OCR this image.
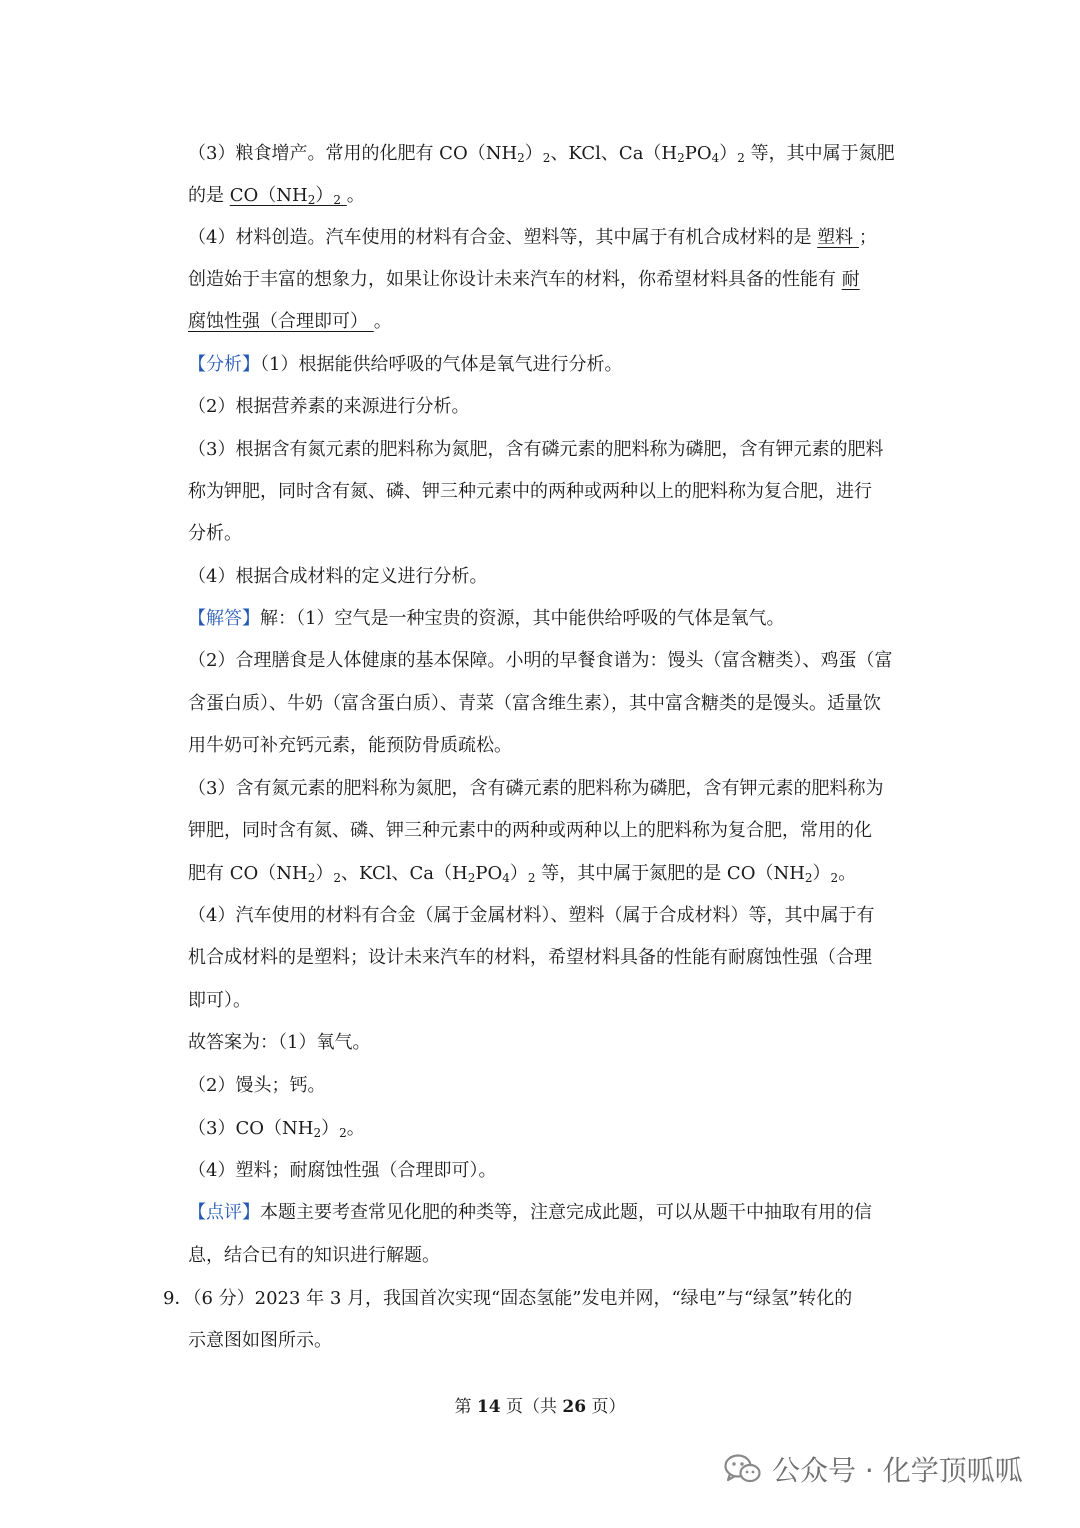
（3）粮食增产。常用的化肥有 $CO(NH_2)_2$、KCl、$Ca(H_2PO_4)_2$ 等，其中属于氮肥
的是 $CO(NH_2)_2$ 。
（4）材料创造。汽车使用的材料有合金、塑料等，其中属于有机合成材料的是 塑料 ；
创造始于丰富的想象力，如果让你设计未来汽车的材料，你希望材料具备的性能有 耐
腐蚀性强（合理即可） 。
【分析】（1）根据能供给呼吸的气体是氧气进行分析。
（2）根据营养素的来源进行分析。
（3）根据含有氮元素的肥料称为氮肥，含有磷元素的肥料称为磷肥，含有钾元素的肥料
称为钾肥，同时含有氮、磷、钾三种元素中的两种或两种以上的肥料称为复合肥，进行
分析。
（4）根据合成材料的定义进行分析。
【解答】解：（1）空气是一种宝贵的资源，其中能供给呼吸的气体是氧气。
（2）合理膳食是人体健康的基本保障。小明的早餐食谱为：馒头（富含糖类）、鸡蛋（富
含蛋白质）、牛奶（富含蛋白质）、青菜（富含维生素），其中富含糖类的是馒头。适量饮
用牛奶可补充钙元素，能预防骨质疏松。
（3）含有氮元素的肥料称为氮肥，含有磷元素的肥料称为磷肥，含有钾元素的肥料称为
钾肥，同时含有氮、磷、钾三种元素中的两种或两种以上的肥料称为复合肥，常用的化
肥有 $CO(NH_2)_2$、KCl、$Ca(H_2PO_4)_2$ 等，其中属于氮肥的是 $CO(NH_2)_2$。
（4）汽车使用的材料有合金（属于金属材料）、塑料（属于合成材料）等，其中属于有
机合成材料的是塑料；设计未来汽车的材料，希望材料具备的性能有耐腐蚀性强（合理
即可）。
故答案为：（1）氧气。
（2）馒头；钙。
$(3)CO(NH_2)_2$。
（4）塑料；耐腐蚀性强（合理即可）。
【点评】本题主要考查常见化肥的种类等，注意完成此题，可以从题干中抽取有用的信
息，结合已有的知识进行解题。
9．（6 分）2023 年 3 月，我国首次实现“固态氢能”发电并网，“绿电”与“绿氢”转化的
示意图如图所示。
第 14 页（共 26 页）
公众号 · 化学顶呱呱
